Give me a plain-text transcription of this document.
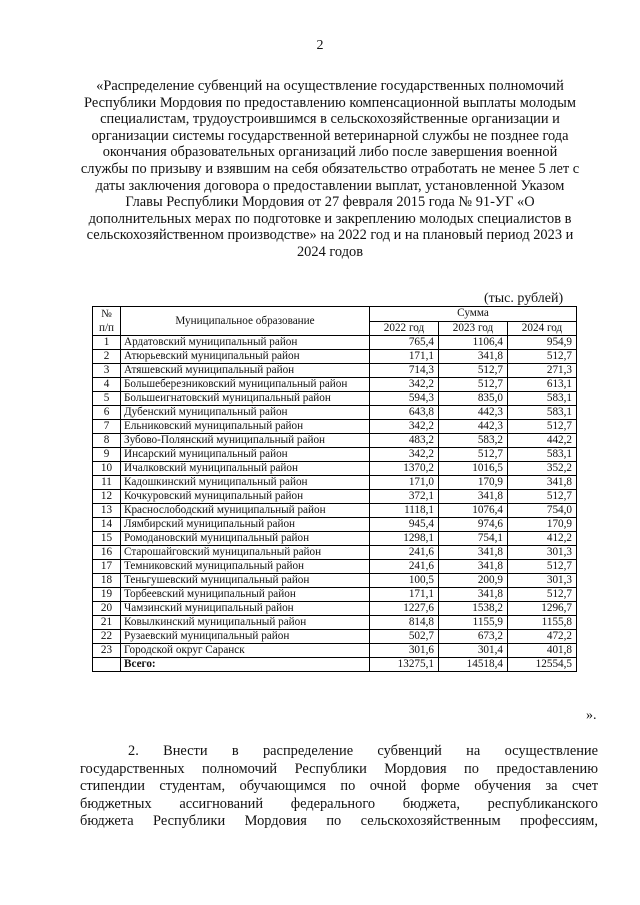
2
«Распределение субвенций на осуществление государственных полномочий Республики Мордовия по предоставлению компенсационной выплаты молодым специалистам, трудоустроившимся в сельскохозяйственные организации и организации системы государственной ветеринарной службы не позднее года окончания образовательных организаций либо после завершения военной службы по призыву и взявшим на себя обязательство отработать не менее 5 лет с даты заключения договора о предоставлении выплат, установленной Указом Главы Республики Мордовия от 27 февраля 2015 года № 91-УГ «О дополнительных мерах по подготовке и закреплению молодых специалистов в сельскохозяйственном производстве» на 2022 год и на плановый период 2023 и 2024 годов
(тыс. рублей)
№ п/п	Муниципальное образование	Сумма		
		2022 год	2023 год	2024 год
1	Ардатовский муниципальный район	765,4	1106,4	954,9
2	Атюрьевский муниципальный район	171,1	341,8	512,7
3	Атяшевский муниципальный район	714,3	512,7	271,3
4	Большеберезниковский муниципальный район	342,2	512,7	613,1
5	Большеигнатовский муниципальный район	594,3	835,0	583,1
6	Дубенский муниципальный район	643,8	442,3	583,1
7	Ельниковский муниципальный район	342,2	442,3	512,7
8	Зубово-Полянский муниципальный район	483,2	583,2	442,2
9	Инсарский муниципальный район	342,2	512,7	583,1
10	Ичалковский муниципальный район	1370,2	1016,5	352,2
11	Кадошкинский муниципальный район	171,0	170,9	341,8
12	Кочкуровский муниципальный район	372,1	341,8	512,7
13	Краснослободский муниципальный район	1118,1	1076,4	754,0
14	Лямбирский муниципальный район	945,4	974,6	170,9
15	Ромодановский муниципальный район	1298,1	754,1	412,2
16	Старошайговский муниципальный район	241,6	341,8	301,3
17	Темниковский муниципальный район	241,6	341,8	512,7
18	Теньгушевский муниципальный район	100,5	200,9	301,3
19	Торбеевский муниципальный район	171,1	341,8	512,7
20	Чамзинский муниципальный район	1227,6	1538,2	1296,7
21	Ковылкинский муниципальный район	814,8	1155,9	1155,8
22	Рузаевский муниципальный район	502,7	673,2	472,2
23	Городской округ Саранск	301,6	301,4	401,8
	Всего:	13275,1	14518,4	12554,5
».
2. Внести в распределение субвенций на осуществление
государственных полномочий Республики Мордовия по предоставлению
стипендии студентам, обучающимся по очной форме обучения за счет
бюджетных ассигнований федерального бюджета, республиканского
бюджета Республики Мордовия по сельскохозяйственным профессиям,
